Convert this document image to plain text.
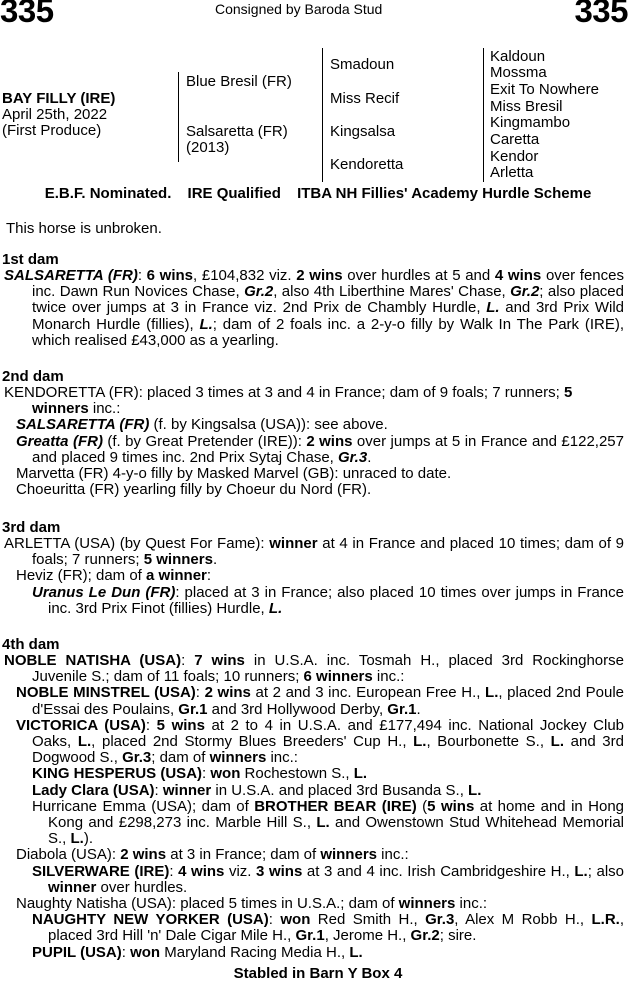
335	335
Consigned by Baroda Stud
BAY FILLY (IRE)
April 25th, 2022
(First Produce)
Blue Bresil (FR)
Salsaretta (FR)
(2013)
Smadoun
Miss Recif
Kingsalsa
Kendoretta
Kaldoun
Mossma
Exit To Nowhere
Miss Bresil
Kingmambo
Caretta
Kendor
Arletta
E.B.F. Nominated. IRE Qualified ITBA NH Fillies' Academy Hurdle Scheme
This horse is unbroken.
1st dam
SALSARETTA (FR): 6 wins, £104,832 viz. 2 wins over hurdles at 5 and 4 wins over fences inc. Dawn Run Novices Chase, Gr.2, also 4th Liberthine Mares' Chase, Gr.2; also placed twice over jumps at 3 in France viz. 2nd Prix de Chambly Hurdle, L. and 3rd Prix Wild Monarch Hurdle (fillies), L.; dam of 2 foals inc. a 2-y-o filly by Walk In The Park (IRE), which realised £43,000 as a yearling.
2nd dam
KENDORETTA (FR): placed 3 times at 3 and 4 in France; dam of 9 foals; 7 runners; 5 winners inc.:
SALSARETTA (FR) (f. by Kingsalsa (USA)): see above.
Greatta (FR) (f. by Great Pretender (IRE)): 2 wins over jumps at 5 in France and £122,257 and placed 9 times inc. 2nd Prix Sytaj Chase, Gr.3.
Marvetta (FR) 4-y-o filly by Masked Marvel (GB): unraced to date.
Choeuritta (FR) yearling filly by Choeur du Nord (FR).
3rd dam
ARLETTA (USA) (by Quest For Fame): winner at 4 in France and placed 10 times; dam of 9 foals; 7 runners; 5 winners.
Heviz (FR); dam of a winner:
Uranus Le Dun (FR): placed at 3 in France; also placed 10 times over jumps in France inc. 3rd Prix Finot (fillies) Hurdle, L.
4th dam
NOBLE NATISHA (USA): 7 wins in U.S.A. inc. Tosmah H., placed 3rd Rockinghorse Juvenile S.; dam of 11 foals; 10 runners; 6 winners inc.:
NOBLE MINSTREL (USA): 2 wins at 2 and 3 inc. European Free H., L., placed 2nd Poule d'Essai des Poulains, Gr.1 and 3rd Hollywood Derby, Gr.1.
VICTORICA (USA): 5 wins at 2 to 4 in U.S.A. and £177,494 inc. National Jockey Club Oaks, L., placed 2nd Stormy Blues Breeders' Cup H., L., Bourbonette S., L. and 3rd Dogwood S., Gr.3; dam of winners inc.:
KING HESPERUS (USA): won Rochestown S., L.
Lady Clara (USA): winner in U.S.A. and placed 3rd Busanda S., L.
Hurricane Emma (USA); dam of BROTHER BEAR (IRE) (5 wins at home and in Hong Kong and £298,273 inc. Marble Hill S., L. and Owenstown Stud Whitehead Memorial S., L.).
Diabola (USA): 2 wins at 3 in France; dam of winners inc.:
SILVERWARE (IRE): 4 wins viz. 3 wins at 3 and 4 inc. Irish Cambridgeshire H., L.; also winner over hurdles.
Naughty Natisha (USA): placed 5 times in U.S.A.; dam of winners inc.:
NAUGHTY NEW YORKER (USA): won Red Smith H., Gr.3, Alex M Robb H., L.R., placed 3rd Hill 'n' Dale Cigar Mile H., Gr.1, Jerome H., Gr.2; sire.
PUPIL (USA): won Maryland Racing Media H., L.
Stabled in Barn Y Box 4
